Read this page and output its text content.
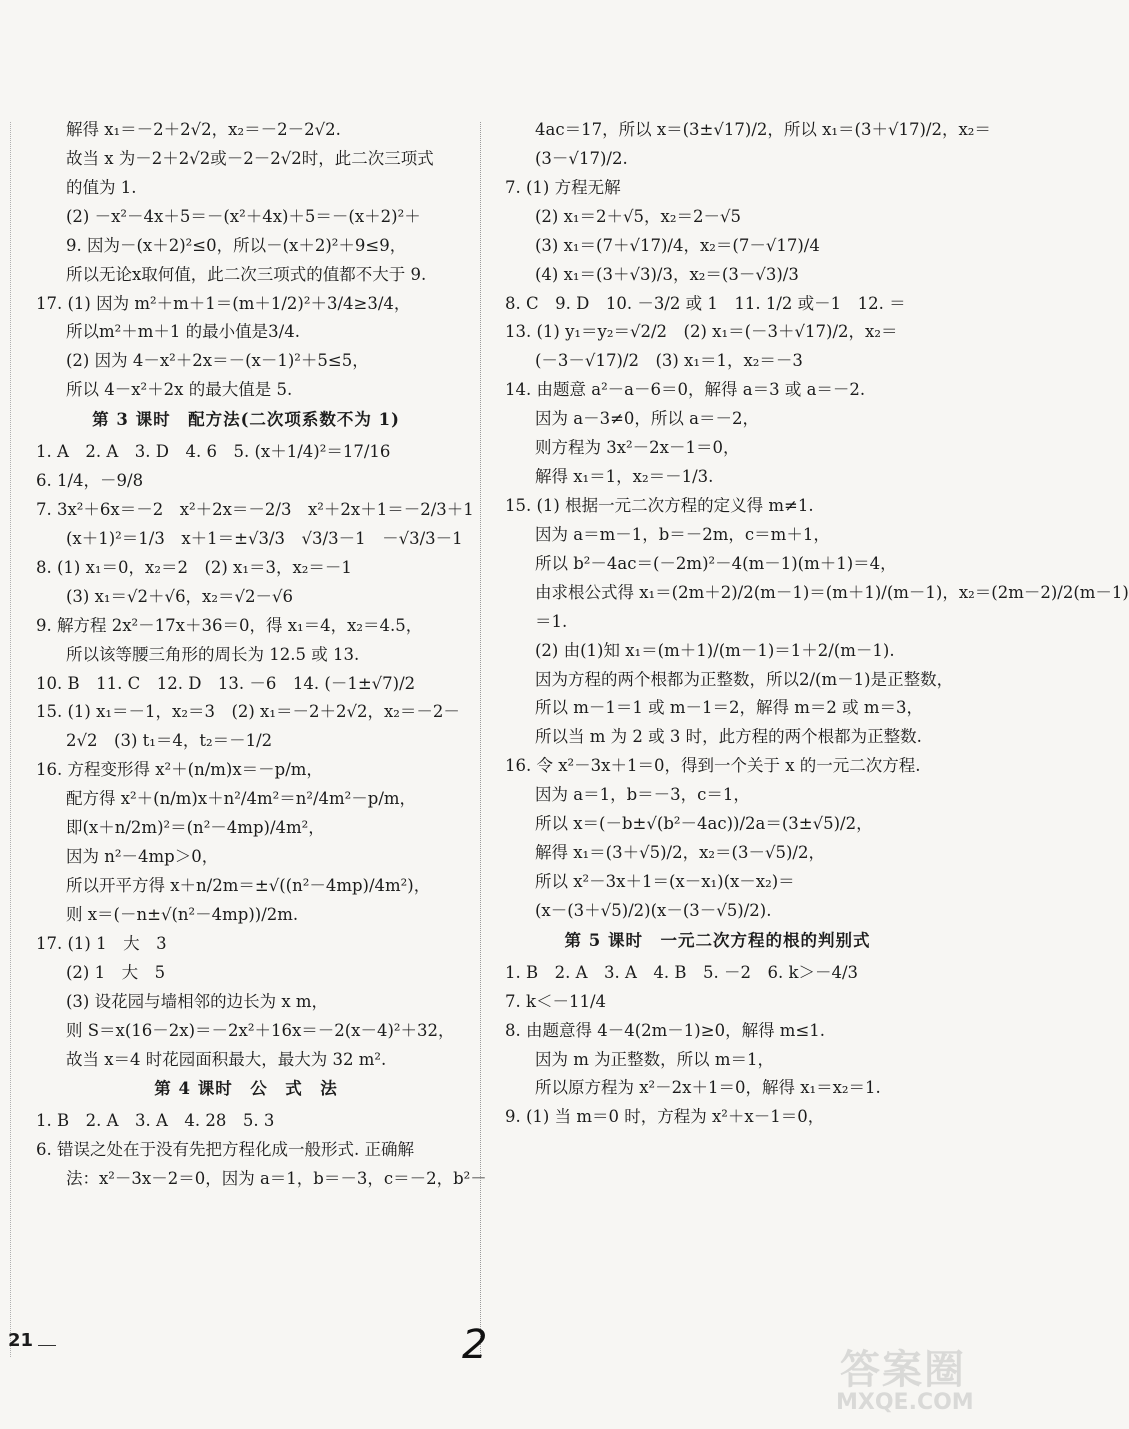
解得 x₁＝－2＋2√2，x₂＝－2－2√2.
故当 x 为－2＋2√2或－2－2√2时，此二次三项式
的值为 1.
(2) －x²－4x＋5＝－(x²＋4x)＋5＝－(x＋2)²＋
9. 因为－(x＋2)²≤0，所以－(x＋2)²＋9≤9，
所以无论x取何值，此二次三项式的值都不大于 9.
17. (1) 因为 m²＋m＋1＝(m＋1/2)²＋3/4≥3/4，
所以m²＋m＋1 的最小值是3/4.
(2) 因为 4－x²＋2x＝－(x－1)²＋5≤5，
所以 4－x²＋2x 的最大值是 5.
第 3 课时　配方法(二次项系数不为 1)
1. A　2. A　3. D　4. 6　5. (x＋1/4)²＝17/16
6. 1/4，－9/8
7. 3x²＋6x＝－2　x²＋2x＝－2/3　x²＋2x＋1＝－2/3＋1
(x＋1)²＝1/3　x＋1＝±√3/3　√3/3－1　－√3/3－1
8. (1) x₁＝0，x₂＝2　(2) x₁＝3，x₂＝－1
(3) x₁＝√2＋√6，x₂＝√2－√6
9. 解方程 2x²－17x＋36＝0，得 x₁＝4，x₂＝4.5，
所以该等腰三角形的周长为 12.5 或 13.
10. B　11. C　12. D　13. －6　14. (－1±√7)/2
15. (1) x₁＝－1，x₂＝3　(2) x₁＝－2＋2√2，x₂＝－2－
2√2　(3) t₁＝4，t₂＝－1/2
16. 方程变形得 x²＋(n/m)x＝－p/m，
配方得 x²＋(n/m)x＋n²/4m²＝n²/4m²－p/m，
即(x＋n/2m)²＝(n²－4mp)/4m²，
因为 n²－4mp＞0，
所以开平方得 x＋n/2m＝±√((n²－4mp)/4m²)，
则 x＝(－n±√(n²－4mp))/2m.
17. (1) 1　大　3
(2) 1　大　5
(3) 设花园与墙相邻的边长为 x m，
则 S＝x(16－2x)＝－2x²＋16x＝－2(x－4)²＋32，
故当 x＝4 时花园面积最大，最大为 32 m².
第 4 课时　公　式　法
1. B　2. A　3. A　4. 28　5. 3
6. 错误之处在于没有先把方程化成一般形式. 正确解
法：x²－3x－2＝0，因为 a＝1，b＝－3，c＝－2，b²－
4ac＝17，所以 x＝(3±√17)/2，所以 x₁＝(3＋√17)/2，x₂＝
(3－√17)/2.
7. (1) 方程无解
(2) x₁＝2＋√5，x₂＝2－√5
(3) x₁＝(7＋√17)/4，x₂＝(7－√17)/4
(4) x₁＝(3＋√3)/3，x₂＝(3－√3)/3
8. C　9. D　10. －3/2 或 1　11. 1/2 或－1　12. ＝
13. (1) y₁＝y₂＝√2/2　(2) x₁＝(－3＋√17)/2，x₂＝
(－3－√17)/2　(3) x₁＝1，x₂＝－3
14. 由题意 a²－a－6＝0，解得 a＝3 或 a＝－2.
因为 a－3≠0，所以 a＝－2，
则方程为 3x²－2x－1＝0，
解得 x₁＝1，x₂＝－1/3.
15. (1) 根据一元二次方程的定义得 m≠1.
因为 a＝m－1，b＝－2m，c＝m＋1，
所以 b²－4ac＝(－2m)²－4(m－1)(m＋1)＝4，
由求根公式得 x₁＝(2m＋2)/2(m－1)＝(m＋1)/(m－1)，x₂＝(2m－2)/2(m－1)
＝1.
(2) 由(1)知 x₁＝(m＋1)/(m－1)＝1＋2/(m－1).
因为方程的两个根都为正整数，所以2/(m－1)是正整数，
所以 m－1＝1 或 m－1＝2，解得 m＝2 或 m＝3，
所以当 m 为 2 或 3 时，此方程的两个根都为正整数.
16. 令 x²－3x＋1＝0，得到一个关于 x 的一元二次方程.
因为 a＝1，b＝－3，c＝1，
所以 x＝(－b±√(b²－4ac))/2a＝(3±√5)/2，
解得 x₁＝(3＋√5)/2，x₂＝(3－√5)/2，
所以 x²－3x＋1＝(x－x₁)(x－x₂)＝
(x－(3＋√5)/2)(x－(3－√5)/2).
第 5 课时　一元二次方程的根的判别式
1. B　2. A　3. A　4. B　5. －2　6. k＞－4/3
7. k＜－11/4
8. 由题意得 4－4(2m－1)≥0，解得 m≤1.
因为 m 为正整数，所以 m＝1，
所以原方程为 x²－2x＋1＝0，解得 x₁＝x₂＝1.
9. (1) 当 m＝0 时，方程为 x²＋x－1＝0，
21	2
答案圈
MXQE.COM
